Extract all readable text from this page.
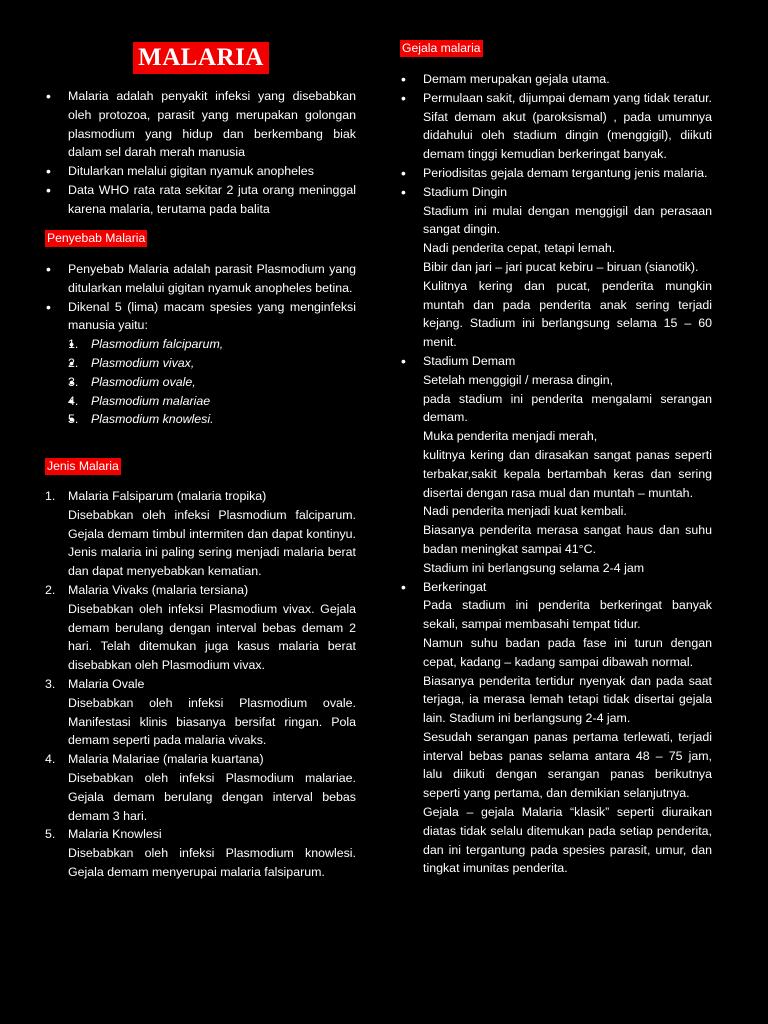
MALARIA
• Malaria adalah penyakit infeksi yang disebabkan oleh protozoa, parasit yang merupakan golongan plasmodium yang hidup dan berkembang biak dalam sel darah merah manusia
• Ditularkan melalui gigitan nyamuk anopheles
• Data WHO rata rata sekitar 2 juta orang meninggal karena malaria, terutama pada balita
Penyebab Malaria
• Penyebab Malaria adalah parasit Plasmodium yang ditularkan melalui gigitan nyamuk anopheles betina.
• Dikenal 5 (lima) macam spesies yang menginfeksi manusia yaitu:
• 1. Plasmodium falciparum,
• 2. Plasmodium vivax,
• 3. Plasmodium ovale,
• 4. Plasmodium malariae
• 5. Plasmodium knowlesi.
Jenis Malaria
1. Malaria Falsiparum (malaria tropika)
Disebabkan oleh infeksi Plasmodium falciparum. Gejala demam timbul intermiten dan dapat kontinyu. Jenis malaria ini paling sering menjadi malaria berat dan dapat menyebabkan kematian.
2. Malaria Vivaks (malaria tersiana)
Disebabkan oleh infeksi Plasmodium vivax. Gejala demam berulang dengan interval bebas demam 2 hari. Telah ditemukan juga kasus malaria berat disebabkan oleh Plasmodium vivax.
3. Malaria Ovale
Disebabkan oleh infeksi Plasmodium ovale. Manifestasi klinis biasanya bersifat ringan. Pola demam seperti pada malaria vivaks.
4. Malaria Malariae (malaria kuartana)
Disebabkan oleh infeksi Plasmodium malariae. Gejala demam berulang dengan interval bebas demam 3 hari.
5. Malaria Knowlesi
Disebabkan oleh infeksi Plasmodium knowlesi. Gejala demam menyerupai malaria falsiparum.
Gejala malaria
• Demam merupakan gejala utama.
• Permulaan sakit, dijumpai demam yang tidak teratur. Sifat demam akut (paroksismal) , pada umumnya didahului oleh stadium dingin (menggigil), diikuti demam tinggi kemudian berkeringat banyak.
• Periodisitas gejala demam tergantung jenis malaria.
• Stadium Dingin
Stadium ini mulai dengan menggigil dan perasaan sangat dingin.
Nadi penderita cepat, tetapi lemah.
Bibir dan jari – jari pucat kebiru – biruan (sianotik).
Kulitnya kering dan pucat, penderita mungkin muntah dan pada penderita anak sering terjadi kejang. Stadium ini berlangsung selama 15 – 60 menit.
• Stadium Demam
Setelah menggigil / merasa dingin,
pada stadium ini penderita mengalami serangan demam.
Muka penderita menjadi merah,
kulitnya kering dan dirasakan sangat panas seperti terbakar,sakit kepala bertambah keras dan sering disertai dengan rasa mual dan muntah – muntah.
Nadi penderita menjadi kuat kembali.
Biasanya penderita merasa sangat haus dan suhu badan meningkat sampai 41°C.
Stadium ini berlangsung selama 2-4 jam
• Berkeringat
Pada stadium ini penderita berkeringat banyak sekali, sampai membasahi tempat tidur.
Namun suhu badan pada fase ini turun dengan cepat, kadang – kadang sampai dibawah normal.
Biasanya penderita tertidur nyenyak dan pada saat terjaga, ia merasa lemah tetapi tidak disertai gejala lain. Stadium ini berlangsung 2-4 jam.
Sesudah serangan panas pertama terlewati, terjadi interval bebas panas selama antara 48 – 75 jam, lalu diikuti dengan serangan panas berikutnya seperti yang pertama, dan demikian selanjutnya.
Gejala – gejala Malaria “klasik” seperti diuraikan diatas tidak selalu ditemukan pada setiap penderita, dan ini tergantung pada spesies parasit, umur, dan tingkat imunitas penderita.
